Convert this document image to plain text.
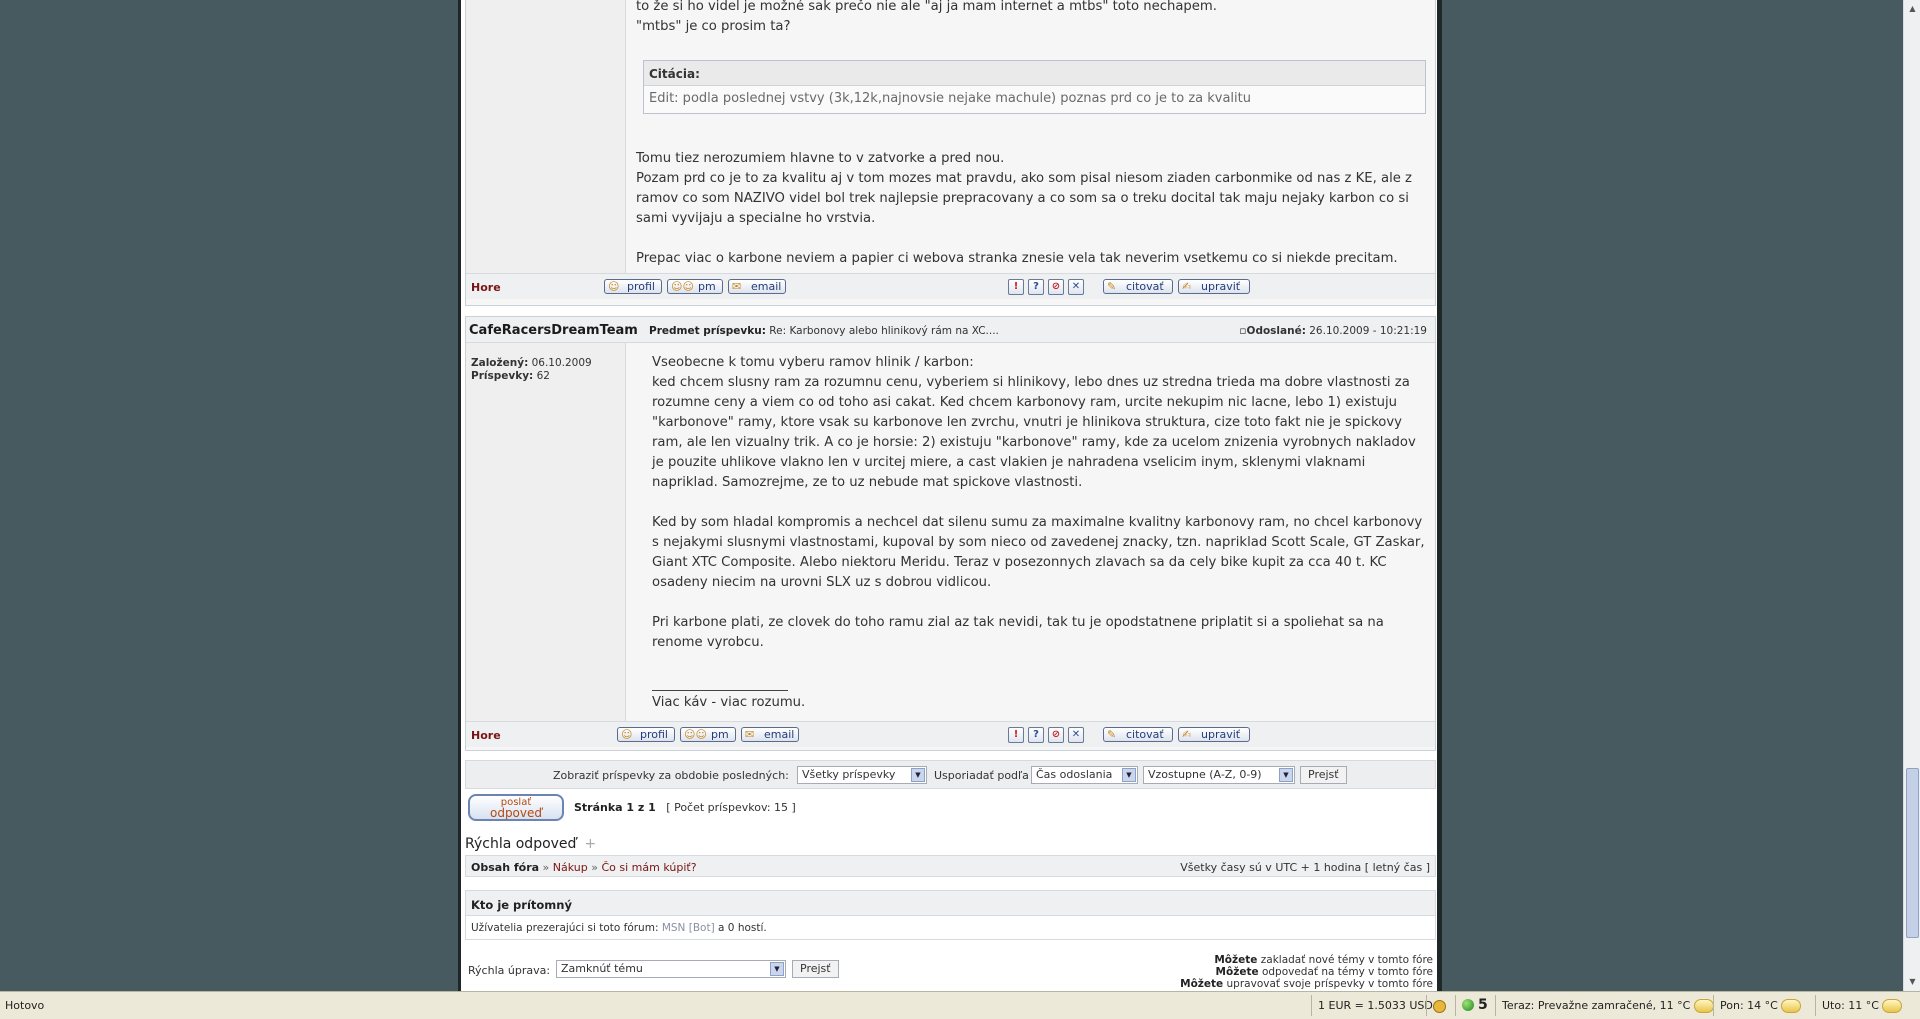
▲
▼
to že si ho videl je možné sak prečo nie ale "aj ja mam internet a mtbs" toto nechapem.
"mtbs" je co prosim ta?
Citácia:
Edit: podla poslednej vstvy (3k,12k,najnovsie nejake machule) poznas prd co je to za kvalitu
Tomu tiez nerozumiem hlavne to v zatvorke a pred nou.
Pozam prd co je to za kvalitu aj v tom mozes mat pravdu, ako som pisal niesom ziaden carbonmike od nas z KE, ale z ramov co som NAZIVO videl bol trek najlepsie prepracovany a co som sa o treku docital tak maju nejaky karbon co si sami vyvijaju a specialne ho vrstvia.

Prepac viac o karbone neviem a papier ci webova stranka znesie vela tak neverim vsetkemu co si niekde precitam.
Hore	☺ profil	☺☺ pm	✉ email	!	?	⊘	✕	✎ citovať	✍ upraviť
CafeRacersDreamTeam Predmet príspevku: Re: Karbonovy alebo hlinikový rám na XC....	▫Odoslané: 26.10.2009 - 10:21:19
Založený: 06.10.2009
Príspevky: 62
Vseobecne k tomu vyberu ramov hlinik / karbon:
ked chcem slusny ram za rozumnu cenu, vyberiem si hlinikovy, lebo dnes uz stredna trieda ma dobre vlastnosti za rozumne ceny a viem co od toho asi cakat. Ked chcem karbonovy ram, urcite nekupim nic lacne, lebo 1) existuju "karbonove" ramy, ktore vsak su karbonove len zvrchu, vnutri je hlinikova struktura, cize toto fakt nie je spickovy ram, ale len vizualny trik. A co je horsie: 2) existuju "karbonove" ramy, kde za ucelom znizenia vyrobnych nakladov je pouzite uhlikove vlakno len v urcitej miere, a cast vlakien je nahradena vselicim inym, sklenymi vlaknami napriklad. Samozrejme, ze to uz nebude mat spickove vlastnosti.

Ked by som hladal kompromis a nechcel dat silenu sumu za maximalne kvalitny karbonovy ram, no chcel karbonovy s nejakymi slusnymi vlastnostami, kupoval by som nieco od zavedenej znacky, tzn. napriklad Scott Scale, GT Zaskar, Giant XTC Composite. Alebo niektoru Meridu. Teraz v posezonnych zlavach sa da cely bike kupit za cca 40 t. KC osadeny niecim na urovni SLX uz s dobrou vidlicou.

Pri karbone plati, ze clovek do toho ramu zial az tak nevidi, tak tu je opodstatnene priplatit si a spoliehat sa na renome vyrobcu.
Viac káv - viac rozumu.
Hore	☺ profil	☺☺ pm	✉ email	!	?	⊘	✕	✎ citovať	✍ upraviť
Zobraziť príspevky za obdobie posledných:	Všetky príspevky	▼	Usporiadať podľa Čas odoslania	▼	Vzostupne (A-Z, 0-9)	▼	Prejsť
poslať
odpoveď	Stránka 1 z 1 [ Počet príspevkov: 15 ]
Rýchla odpoveď +
Obsah fóra » Nákup » Čo si mám kúpiť?	Všetky časy sú v UTC + 1 hodina [ letný čas ]
Kto je prítomný
Užívatelia prezerajúci si toto fórum: MSN [Bot] a 0 hostí.
Rýchla úprava: Zamknúť tému	▼	Prejsť
Môžete zakladať nové témy v tomto fóre
Môžete odpovedať na témy v tomto fóre
Môžete upravovať svoje príspevky v tomto fóre
Hotovo	1 EUR = 1.5033 USD	5	Teraz: Prevažne zamračené, 11 °C	Pon: 14 °C	Uto: 11 °C
